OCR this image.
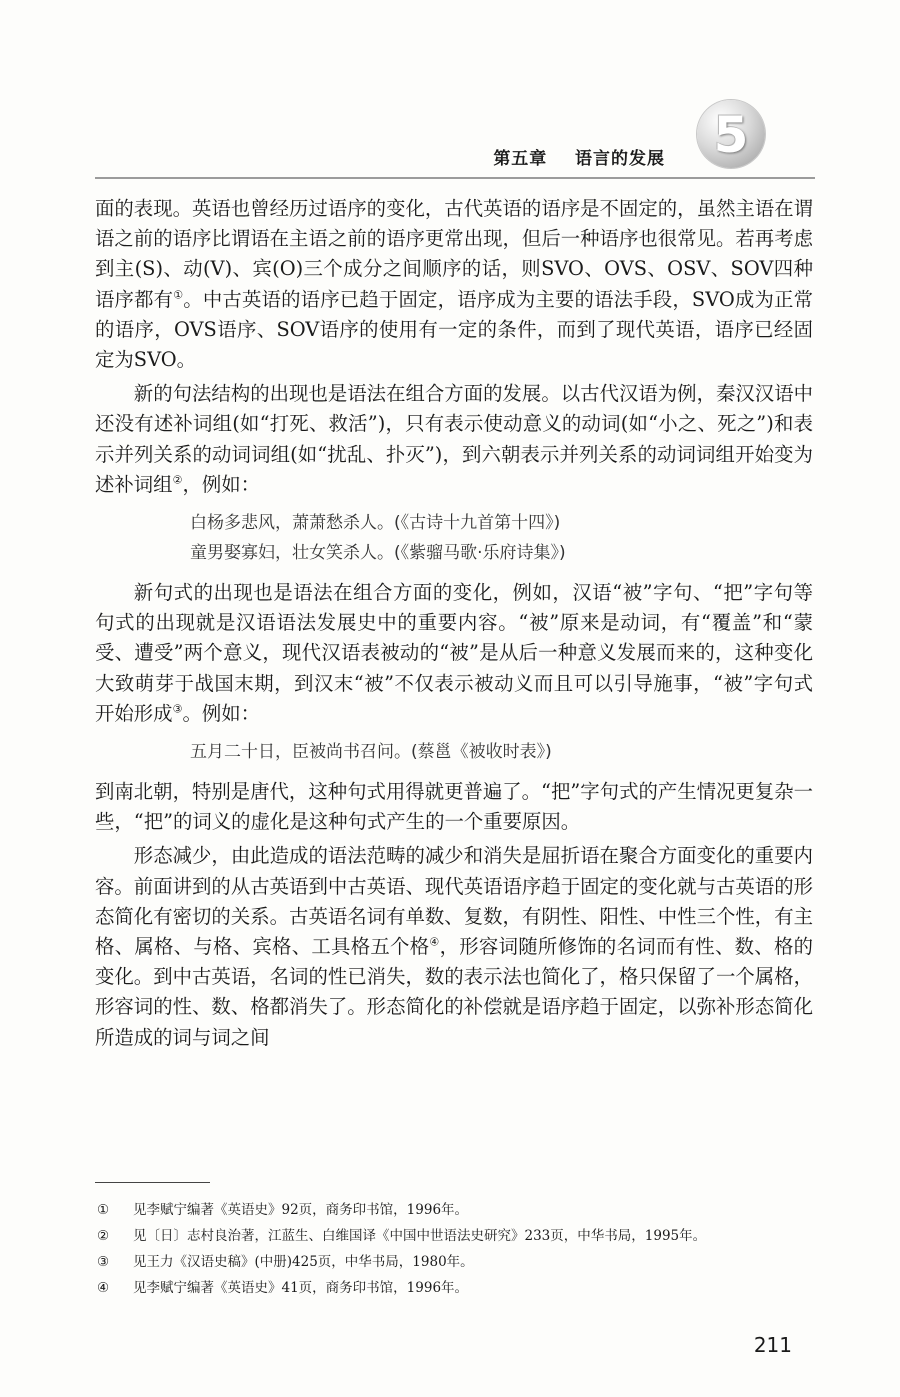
第五章    语言的发展 5

面的表现。英语也曾经历过语序的变化，古代英语的语序是不固定的，虽然主语在谓语之前的语序比谓语在主语之前的语序更常出现，但后一种语序也很常见。若再考虑到主(S)、动(V)、宾(O)三个成分之间顺序的话，则SVO、OVS、OSV、SOV四种语序都有①。中古英语的语序已趋于固定，语序成为主要的语法手段，SVO成为正常的语序，OVS语序、SOV语序的使用有一定的条件，而到了现代英语，语序已经固定为SVO。

新的句法结构的出现也是语法在组合方面的发展。以古代汉语为例，秦汉汉语中还没有述补词组(如“打死、救活”)，只有表示使动意义的动词(如“小之、死之”)和表示并列关系的动词词组(如“扰乱、扑灭”)，到六朝表示并列关系的动词词组开始变为述补词组②，例如：

白杨多悲风，萧萧愁杀人。(《古诗十九首第十四》)
童男娶寡妇，壮女笑杀人。(《紫骝马歌·乐府诗集》)

新句式的出现也是语法在组合方面的变化，例如，汉语“被”字句、“把”字句等句式的出现就是汉语语法发展史中的重要内容。“被”原来是动词，有“覆盖”和“蒙受、遭受”两个意义，现代汉语表被动的“被”是从后一种意义发展而来的，这种变化大致萌芽于战国末期，到汉末“被”不仅表示被动义而且可以引导施事，“被”字句式开始形成③。例如：

五月二十日，臣被尚书召问。(蔡邕《被收时表》)

到南北朝，特别是唐代，这种句式用得就更普遍了。“把”字句式的产生情况更复杂一些，“把”的词义的虚化是这种句式产生的一个重要原因。

形态减少，由此造成的语法范畴的减少和消失是屈折语在聚合方面变化的重要内容。前面讲到的从古英语到中古英语、现代英语语序趋于固定的变化就与古英语的形态简化有密切的关系。古英语名词有单数、复数，有阴性、阳性、中性三个性，有主格、属格、与格、宾格、工具格五个格④，形容词随所修饰的名词而有性、数、格的变化。到中古英语，名词的性已消失，数的表示法也简化了，格只保留了一个属格，形容词的性、数、格都消失了。形态简化的补偿就是语序趋于固定，以弥补形态简化所造成的词与词之间

①	见李赋宁编著《英语史》92页，商务印书馆，1996年。
②	见〔日〕志村良治著，江蓝生、白维国译《中国中世语法史研究》233页，中华书局，1995年。
③	见王力《汉语史稿》(中册)425页，中华书局，1980年。
④	见李赋宁编著《英语史》41页，商务印书馆，1996年。
211
